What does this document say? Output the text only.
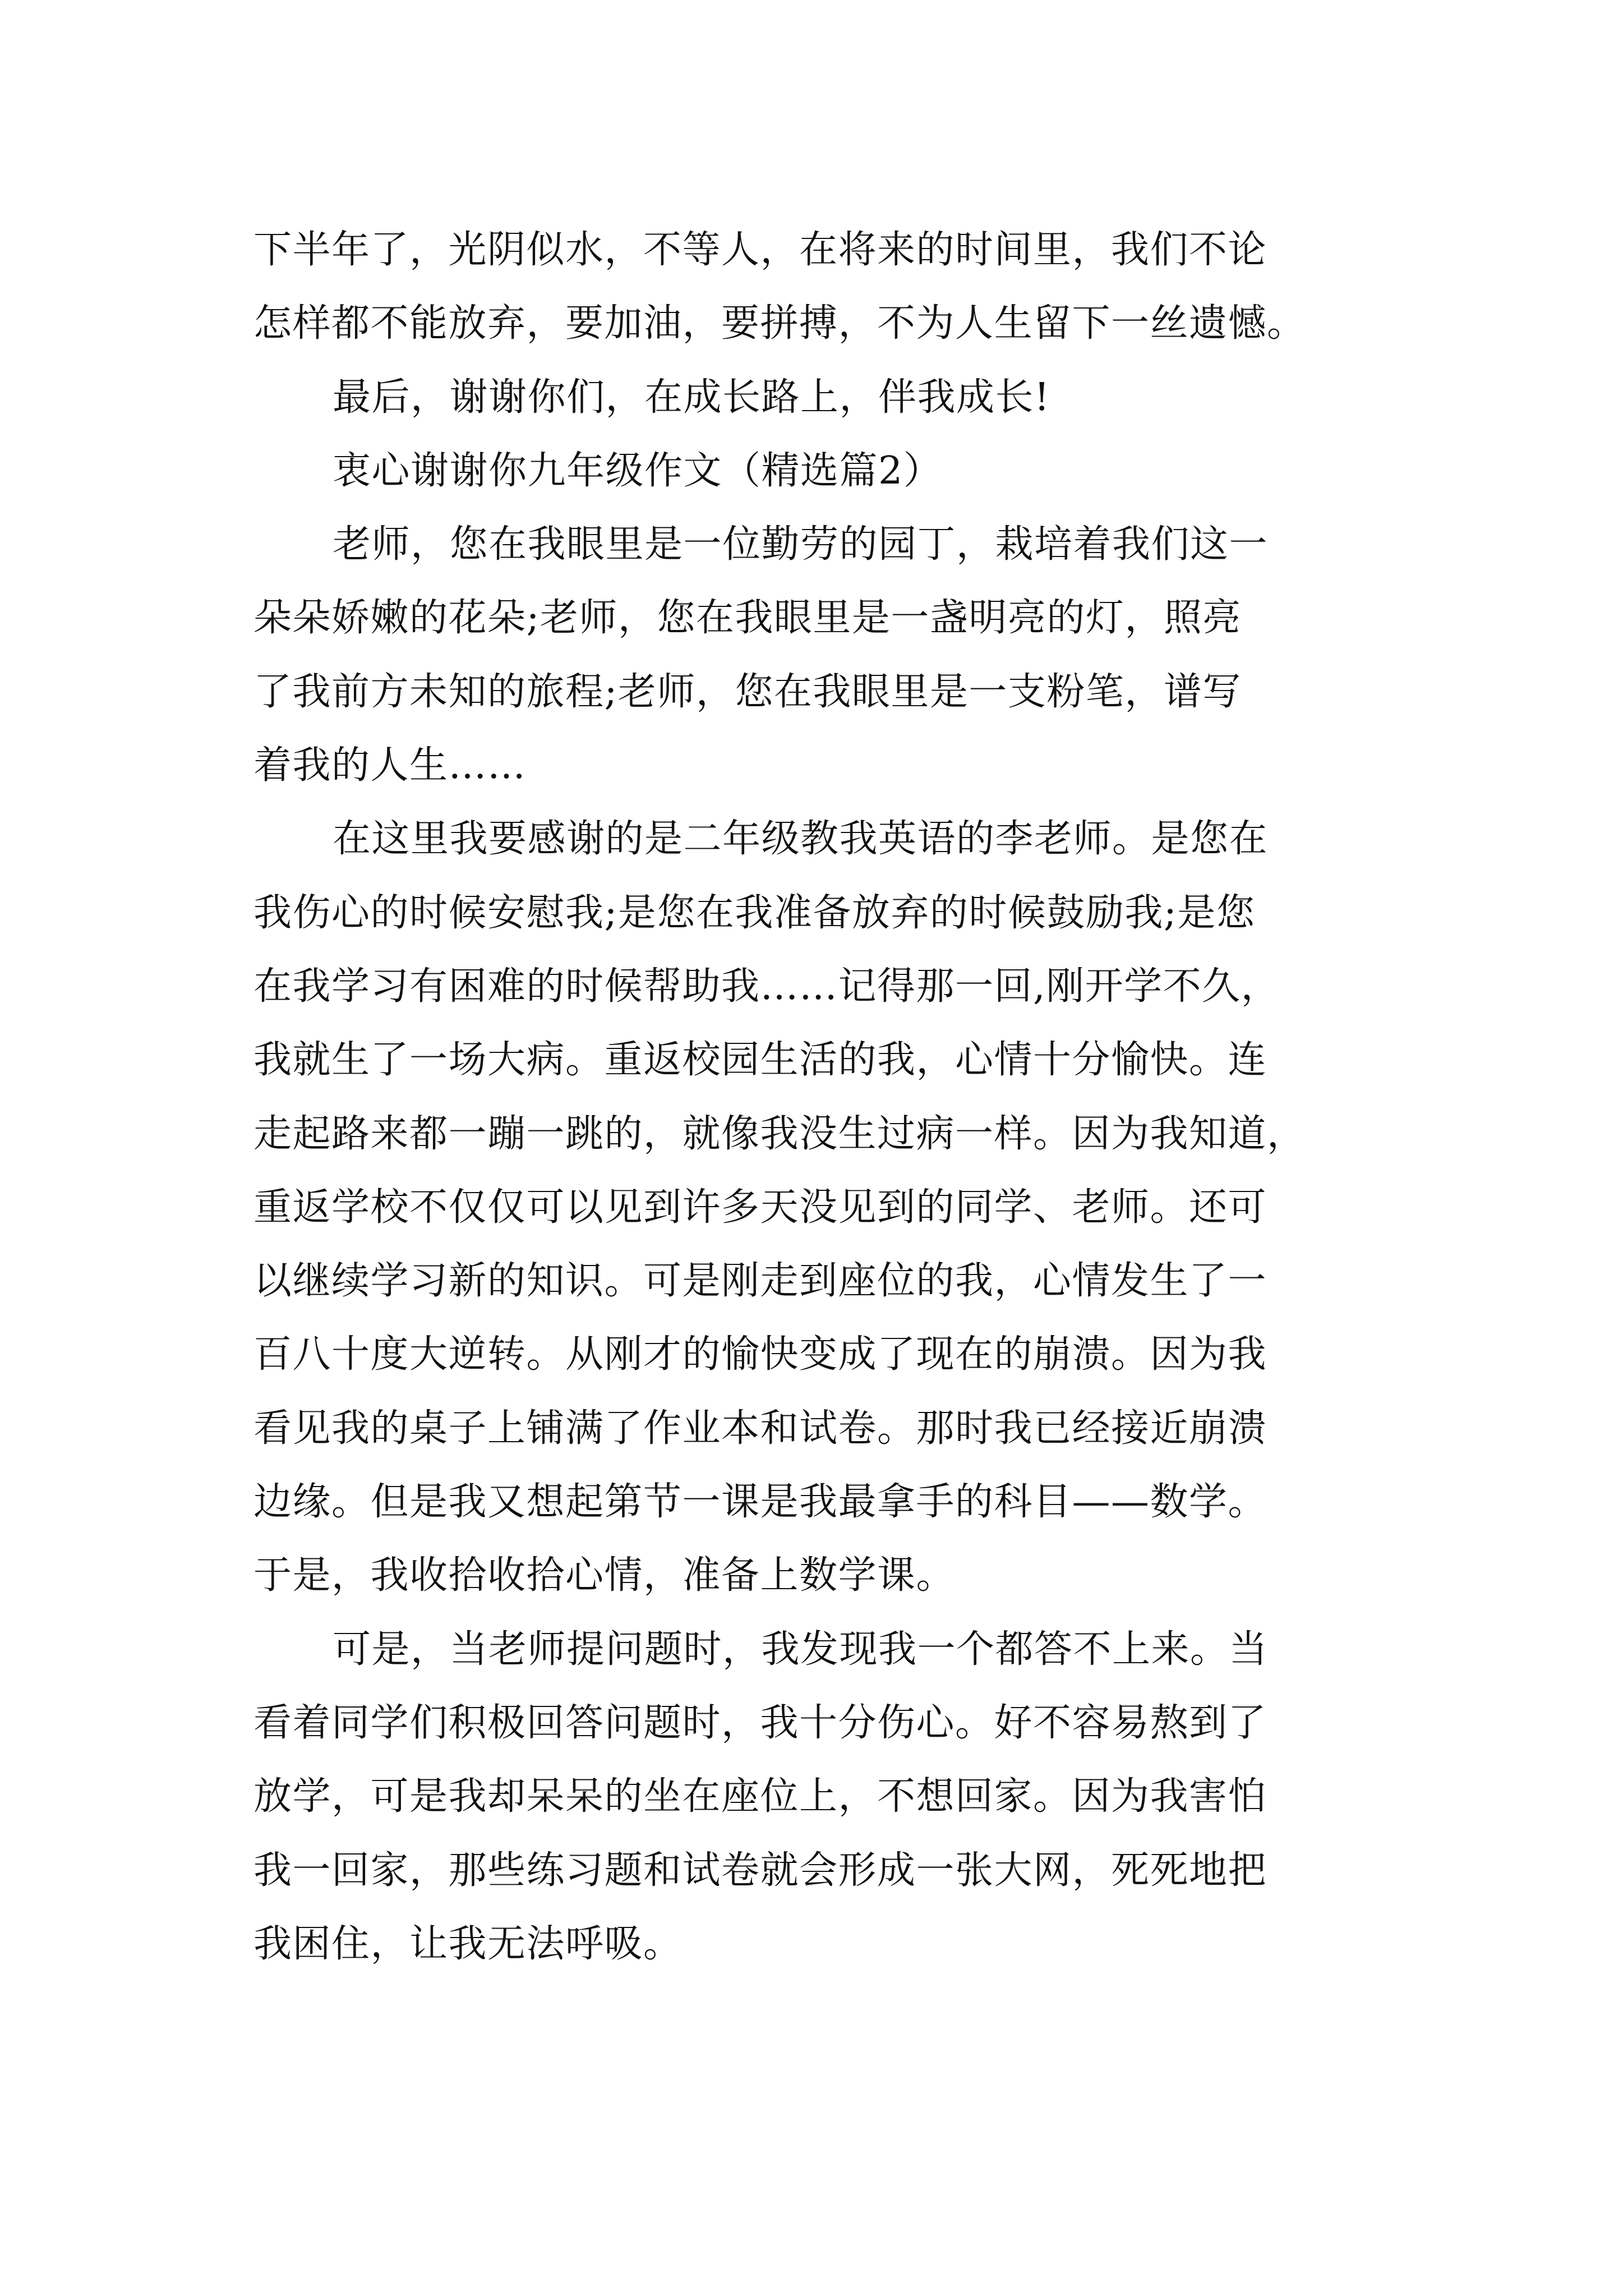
下半年了，光阴似水，不等人，在将来的时间里，我们不论
怎样都不能放弃，要加油，要拼搏，不为人生留下一丝遗憾。
最后，谢谢你们，在成长路上，伴我成长!
衷心谢谢你九年级作文（精选篇2）
老师，您在我眼里是一位勤劳的园丁，栽培着我们这一
朵朵娇嫩的花朵;老师，您在我眼里是一盏明亮的灯，照亮
了我前方未知的旅程;老师，您在我眼里是一支粉笔，谱写
着我的人生……
在这里我要感谢的是二年级教我英语的李老师。是您在
我伤心的时候安慰我;是您在我准备放弃的时候鼓励我;是您
在我学习有困难的时候帮助我……记得那一回,刚开学不久，
我就生了一场大病。重返校园生活的我，心情十分愉快。连
走起路来都一蹦一跳的，就像我没生过病一样。因为我知道，
重返学校不仅仅可以见到许多天没见到的同学、老师。还可
以继续学习新的知识。可是刚走到座位的我，心情发生了一
百八十度大逆转。从刚才的愉快变成了现在的崩溃。因为我
看见我的桌子上铺满了作业本和试卷。那时我已经接近崩溃
边缘。但是我又想起第节一课是我最拿手的科目——数学。
于是，我收拾收拾心情，准备上数学课。
可是，当老师提问题时，我发现我一个都答不上来。当
看着同学们积极回答问题时，我十分伤心。好不容易熬到了
放学，可是我却呆呆的坐在座位上，不想回家。因为我害怕
我一回家，那些练习题和试卷就会形成一张大网，死死地把
我困住，让我无法呼吸。
